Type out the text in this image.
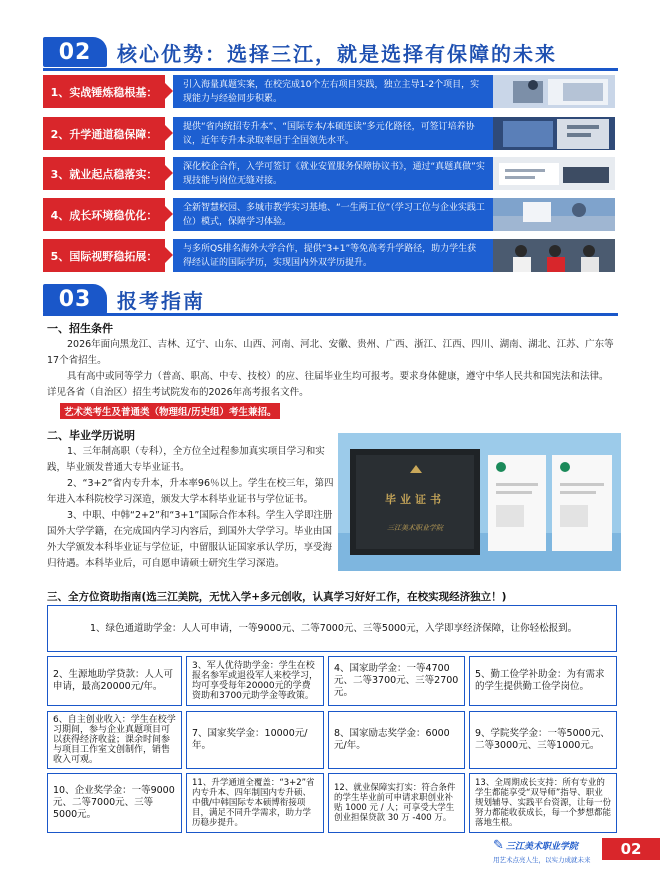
02	核心优势：选择三江，就是选择有保障的未来
1、实战锤炼稳根基：
引入海量真题实案，在校完成10个左右项目实践，独立主导1-2个项目，实现能力与经验同步积累。
2、升学通道稳保障：
提供“省内统招专升本”、“国际专本/本硕连读”多元化路径，可签订培养协议，近年专升本录取率居于全国领先水平。
3、就业起点稳落实：
深化校企合作，入学可签订《就业安置服务保障协议书》，通过“真题真做”实现技能与岗位无缝对接。
4、成长环境稳优化：
全新智慧校园、多城市教学实习基地、“一生两工位”（学习工位与企业实践工位）模式，保障学习体验。
5、国际视野稳拓展：
与多所QS排名海外大学合作，提供“3+1”等免高考升学路径，助力学生获得经认证的国际学历，实现国内外双学历提升。
03	报考指南
一、招生条件
2026年面向黑龙江、吉林、辽宁、山东、山西、河南、河北、安徽、贵州、广西、浙江、江西、四川、湖南、湖北、江苏、广东等17个省招生。
具有高中或同等学力（普高、职高、中专、技校）的应、往届毕业生均可报考。要求身体健康，遵守中华人民共和国宪法和法律。详见各省（自治区）招生考试院发布的2026年高考报名文件。
艺术类考生及普通类（物理组/历史组）考生兼招。
二、毕业学历说明
1、三年制高职（专科），全方位全过程参加真实项目学习和实践，毕业颁发普通大专毕业证书。
2、“3+2”省内专升本，升本率96％以上。学生在校三年，第四年进入本科院校学习深造，颁发大学本科毕业证书与学位证书。
3、中职、中韩“2+2”和“3+1”国际合作本科。学生入学即注册国外大学学籍，在完成国内学习内容后，到国外大学学习。毕业由国外大学颁发本科毕业证与学位证，中留服认证国家承认学历，享受海归待遇。本科毕业后，可自愿申请硕士研究生学习深造。
毕业证书
三江美术职业学院
三、全方位资助指南(选三江美院，无忧入学+多元创收，认真学习好好工作，在校实现经济独立！)
1、绿色通道助学金：人人可申请，一等9000元、二等7000元、三等5000元，入学即享经济保障，让你轻松报到。
2、生源地助学贷款：人人可申请，最高20000元/年。
3、军人优待助学金：学生在校报名参军或退役军人来校学习，均可享受每年20000元的学费资助和3700元助学金等政策。
4、国家助学金：一等4700元、二等3700元、三等2700元。
5、勤工俭学补助金：为有需求的学生提供勤工俭学岗位。
6、自主创业收入：学生在校学习期间，参与企业真题项目可以获得经济收益；课余时间参与项目工作室文创制作，销售收入可观。
7、国家奖学金：10000元/年。
8、国家励志奖学金：6000元/年。
9、学院奖学金：一等5000元、二等3000元、三等1000元。
10、企业奖学金：一等9000元、二等7000元、三等5000元。
11、升学通道全覆盖：“3+2”省内专升本、四年制国内专升硕、中俄/中韩国际专本硕博衔接项目，满足不同升学需求，助力学历稳步提升。
12、就业保障实打实：符合条件的学生毕业前可申请求职创业补贴 1000 元 / 人；可享受大学生创业担保贷款 30 万 -400 万。
13、全周期成长支持：所有专业的学生都能享受“双导师”指导、职业规划辅导、实践平台资源，让每一份努力都能收获成长，每一个梦想都能落地生根。
✎ 三江美术职业学院
用艺术点亮人生，以实力成就未来
02
